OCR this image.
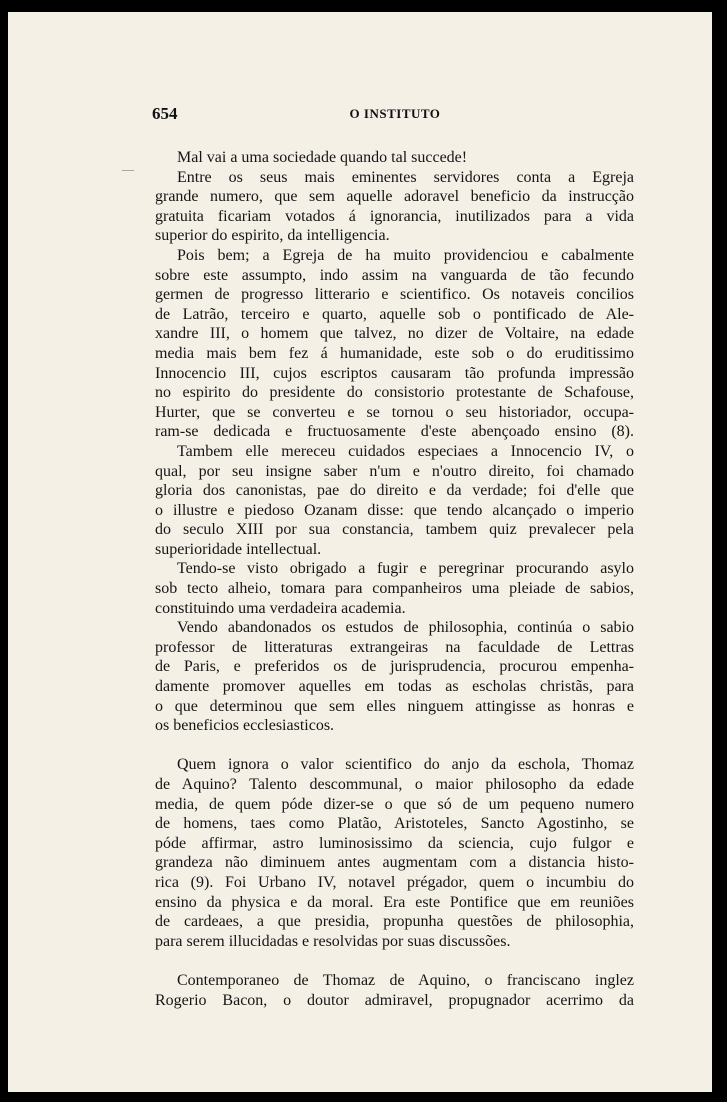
654	O INSTITUTO
—
Mal vai a uma sociedade quando tal succede!
Entre os seus mais eminentes servidores conta a Egreja
grande numero, que sem aquelle adoravel beneficio da instrucção
gratuita ficariam votados á ignorancia, inutilizados para a vida
superior do espirito, da intelligencia.
Pois bem; a Egreja de ha muito providenciou e cabalmente
sobre este assumpto, indo assim na vanguarda de tão fecundo
germen de progresso litterario e scientifico. Os notaveis concilios
de Latrão, terceiro e quarto, aquelle sob o pontificado de Ale-
xandre III, o homem que talvez, no dizer de Voltaire, na edade
media mais bem fez á humanidade, este sob o do eruditissimo
Innocencio III, cujos escriptos causaram tão profunda impressão
no espirito do presidente do consistorio protestante de Schafouse,
Hurter, que se converteu e se tornou o seu historiador, occupa-
ram-se dedicada e fructuosamente d'este abençoado ensino (8).
Tambem elle mereceu cuidados especiaes a Innocencio IV, o
qual, por seu insigne saber n'um e n'outro direito, foi chamado
gloria dos canonistas, pae do direito e da verdade; foi d'elle que
o illustre e piedoso Ozanam disse: que tendo alcançado o imperio
do seculo XIII por sua constancia, tambem quiz prevalecer pela
superioridade intellectual.
Tendo-se visto obrigado a fugir e peregrinar procurando asylo
sob tecto alheio, tomara para companheiros uma pleiade de sabios,
constituindo uma verdadeira academia.
Vendo abandonados os estudos de philosophia, continúa o sabio
professor de litteraturas extrangeiras na faculdade de Lettras
de Paris, e preferidos os de jurisprudencia, procurou empenha-
damente promover aquelles em todas as escholas christãs, para
o que determinou que sem elles ninguem attingisse as honras e
os beneficios ecclesiasticos.
Quem ignora o valor scientifico do anjo da eschola, Thomaz
de Aquino? Talento descommunal, o maior philosopho da edade
media, de quem póde dizer-se o que só de um pequeno numero
de homens, taes como Platão, Aristoteles, Sancto Agostinho, se
póde affirmar, astro luminosissimo da sciencia, cujo fulgor e
grandeza não diminuem antes augmentam com a distancia histo-
rica (9). Foi Urbano IV, notavel prégador, quem o incumbiu do
ensino da physica e da moral. Era este Pontifice que em reuniões
de cardeaes, a que presidia, propunha questões de philosophia,
para serem illucidadas e resolvidas por suas discussões.
Contemporaneo de Thomaz de Aquino, o franciscano inglez
Rogerio Bacon, o doutor admiravel, propugnador acerrimo da
